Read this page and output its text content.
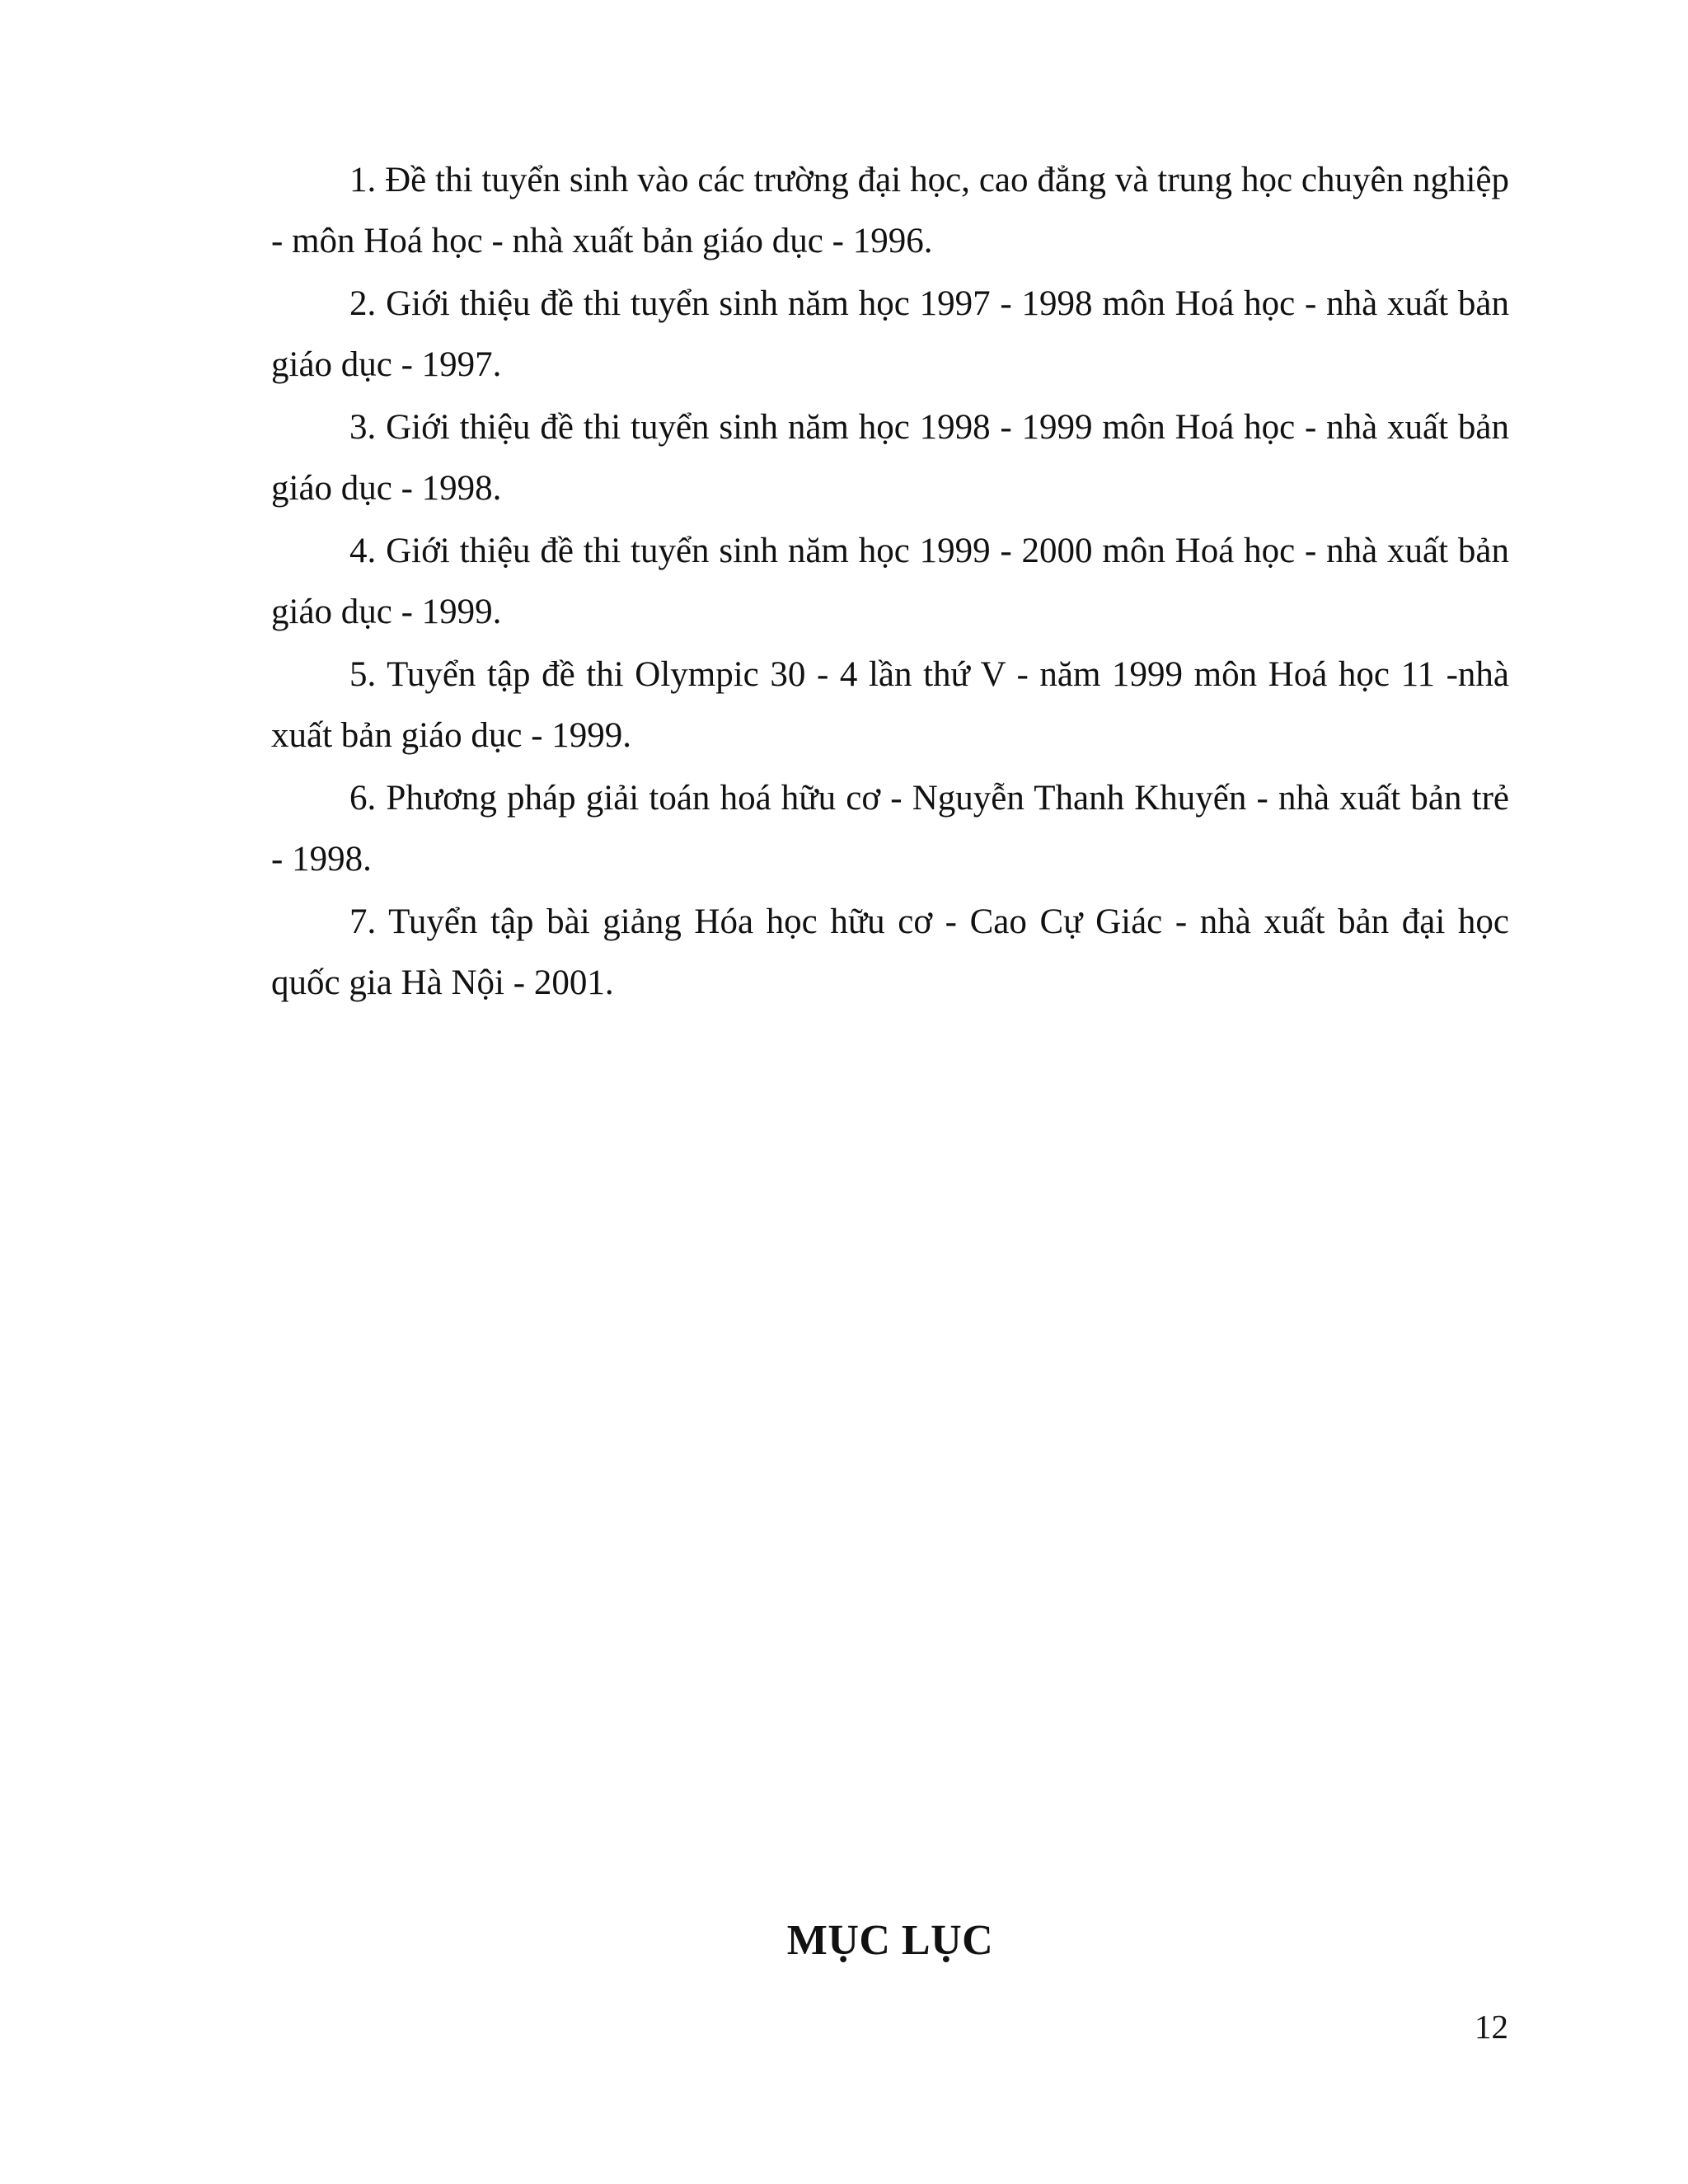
1. Đề thi tuyển sinh vào các trường đại học, cao đẳng và trung học chuyên nghiệp - môn Hoá học - nhà xuất bản giáo dục - 1996.
2. Giới thiệu đề thi tuyển sinh năm học 1997 - 1998 môn Hoá học - nhà xuất bản giáo dục - 1997.
3. Giới thiệu đề thi tuyển sinh năm học 1998 - 1999 môn Hoá học - nhà xuất bản giáo dục - 1998.
4. Giới thiệu đề thi tuyển sinh năm học 1999 - 2000 môn Hoá học - nhà xuất bản giáo dục - 1999.
5. Tuyển tập đề thi Olympic 30 - 4 lần thứ V - năm 1999 môn Hoá học 11 -nhà xuất bản giáo dục - 1999.
6. Phương pháp giải toán hoá hữu cơ - Nguyễn Thanh Khuyến - nhà xuất bản trẻ - 1998.
7. Tuyển tập bài giảng Hóa học hữu cơ - Cao Cự Giác - nhà xuất bản đại học quốc gia Hà Nội - 2001.
MỤC LỤC
12
